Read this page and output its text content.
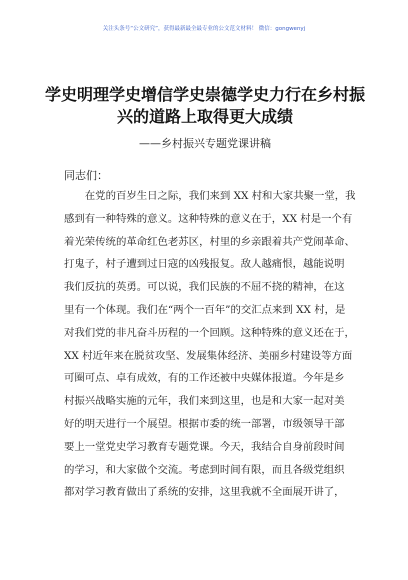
关注头条号“公文研究”，获得最新最全最专业的公文范文材料！ 微信：gongwenyj
学史明理学史增信学史崇德学史力行在乡村振
兴的道路上取得更大成绩
——乡村振兴专题党课讲稿
同志们：
在党的百岁生日之际，我们来到 XX 村和大家共聚一堂，我
感到有一种特殊的意义。这种特殊的意义在于，XX 村是一个有
着光荣传统的革命红色老苏区，村里的乡亲跟着共产党闹革命、
打鬼子，村子遭到过日寇的凶残报复。敌人越痛恨，越能说明
我们反抗的英勇。可以说，我们民族的不屈不挠的精神，在这
里有一个体现。我们在“两个一百年”的交汇点来到 XX 村，是
对我们党的非凡奋斗历程的一个回顾。这种特殊的意义还在于，
XX 村近年来在脱贫攻坚、发展集体经济、美丽乡村建设等方面
可圈可点、卓有成效，有的工作还被中央媒体报道。今年是乡
村振兴战略实施的元年，我们来到这里，也是和大家一起对美
好的明天进行一个展望。根据市委的统一部署，市级领导干部
要上一堂党史学习教育专题党课。今天，我结合自身前段时间
的学习，和大家做个交流。考虑到时间有限，而且各级党组织
都对学习教育做出了系统的安排，这里我就不全面展开讲了，
